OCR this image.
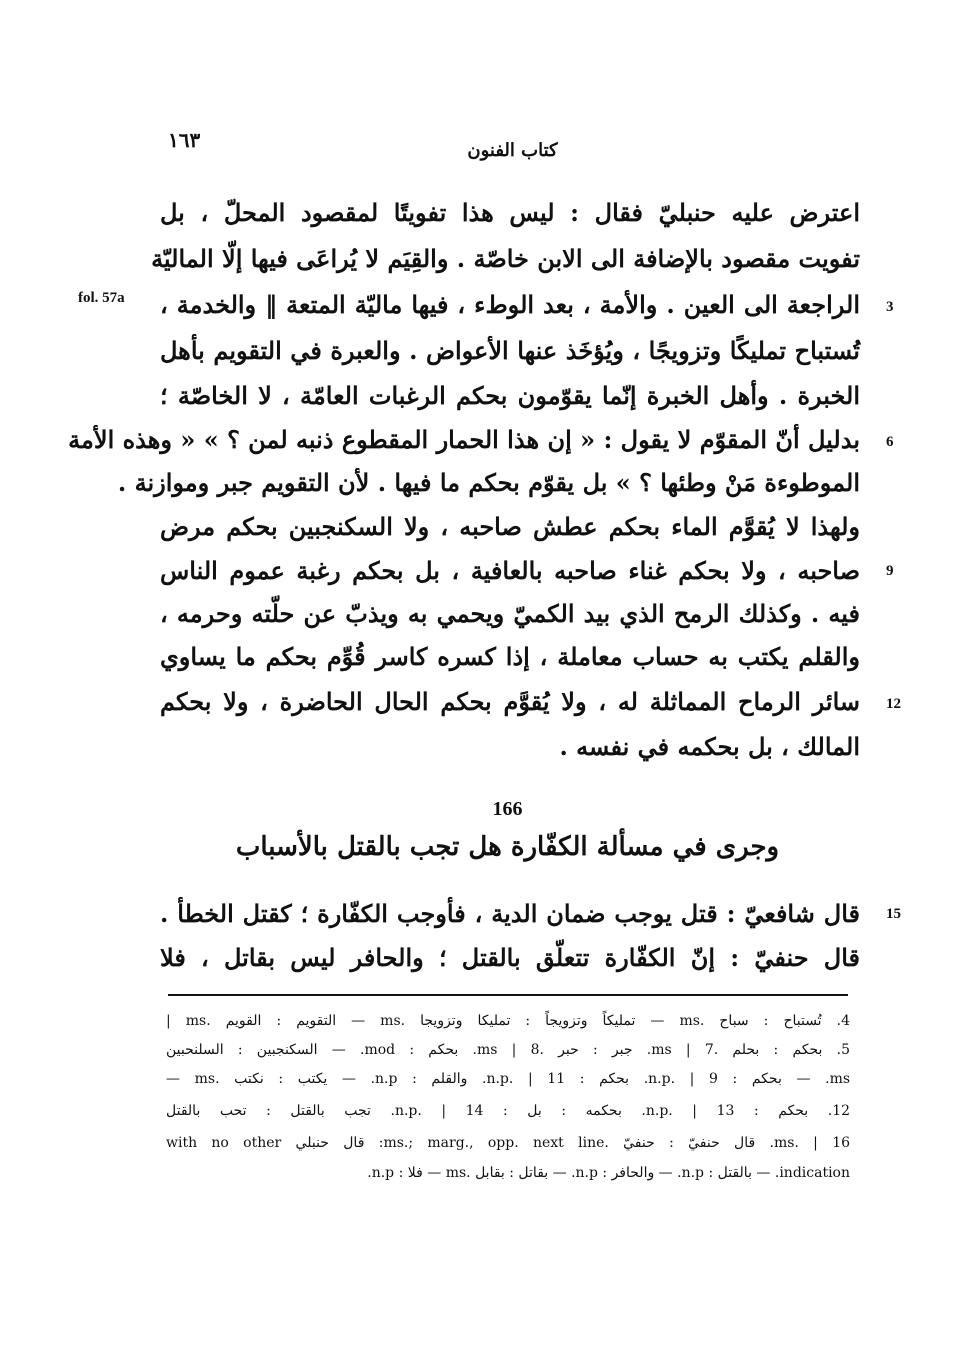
١٦٣	كتاب الفنون
fol. 57a
اعترض عليه حنبليّ فقال : ليس هذا تفويتًا لمقصود المحلّ ، بل
تفويت مقصود بالإضافة الى الابن خاصّة . والقِيَم لا يُراعَى فيها إلّا الماليّة
الراجعة الى العين . والأمة ، بعد الوطء ، فيها ماليّة المتعة ‖ والخدمة ،
تُستباح تمليكًا وتزويجًا ، ويُؤخَذ عنها الأعواض . والعبرة في التقويم بأهل
الخبرة . وأهل الخبرة إنّما يقوّمون بحكم الرغبات العامّة ، لا الخاصّة ؛
بدليل أنّ المقوّم لا يقول : « إن هذا الحمار المقطوع ذنبه لمن ؟ » « وهذه الأمة
الموطوءة مَنْ وطئها ؟ » بل يقوّم بحكم ما فيها . لأن التقويم جبر وموازنة .
ولهذا لا يُقوَّم الماء بحكم عطش صاحبه ، ولا السكنجبين بحكم مرض
صاحبه ، ولا بحكم غناء صاحبه بالعافية ، بل بحكم رغبة عموم الناس
فيه . وكذلك الرمح الذي بيد الكميّ ويحمي به ويذبّ عن حلّته وحرمه ،
والقلم يكتب به حساب معاملة ، إذا كسره كاسر قُوِّم بحكم ما يساوي
سائر الرماح المماثلة له ، ولا يُقوَّم بحكم الحال الحاضرة ، ولا بحكم
المالك ، بل بحكمه في نفسه .
3
6
9
12
15
166
وجرى في مسألة الكفّارة هل تجب بالقتل بالأسباب
قال شافعيّ : قتل يوجب ضمان الدية ، فأوجب الكفّارة ؛ كقتل الخطأ .
قال حنفيّ : إنّ الكفّارة تتعلّق بالقتل ؛ والحافر ليس بقاتل ، فلا
4. تُستباح : سباح .ms — تمليكاً وتزويجاً : تمليكا وتزويجا .ms — التقويم : القويم .ms |
5. بحكم : بحلم .ms | 7. جبر : حبر .ms | 8. بحكم : mod. — السكنجبين : السلنحبين
ms. — بحكم : n.p. | 9. بحكم : n.p. | 11. والقلم : n.p. — يكتب : نكتب .ms —
12. بحكم : n.p. | 13. بحكمه : بل : n.p. | 14. تجب بالقتل : تحب بالقتل
ms. | 16. قال حنفيّ : حنفيّ .ms.; marg., opp. next line: قال حنبلي with no other
indication. — بالقتل : n.p. — والحافر : n.p. — بقاتل : بقابل .ms — فلا : n.p.
